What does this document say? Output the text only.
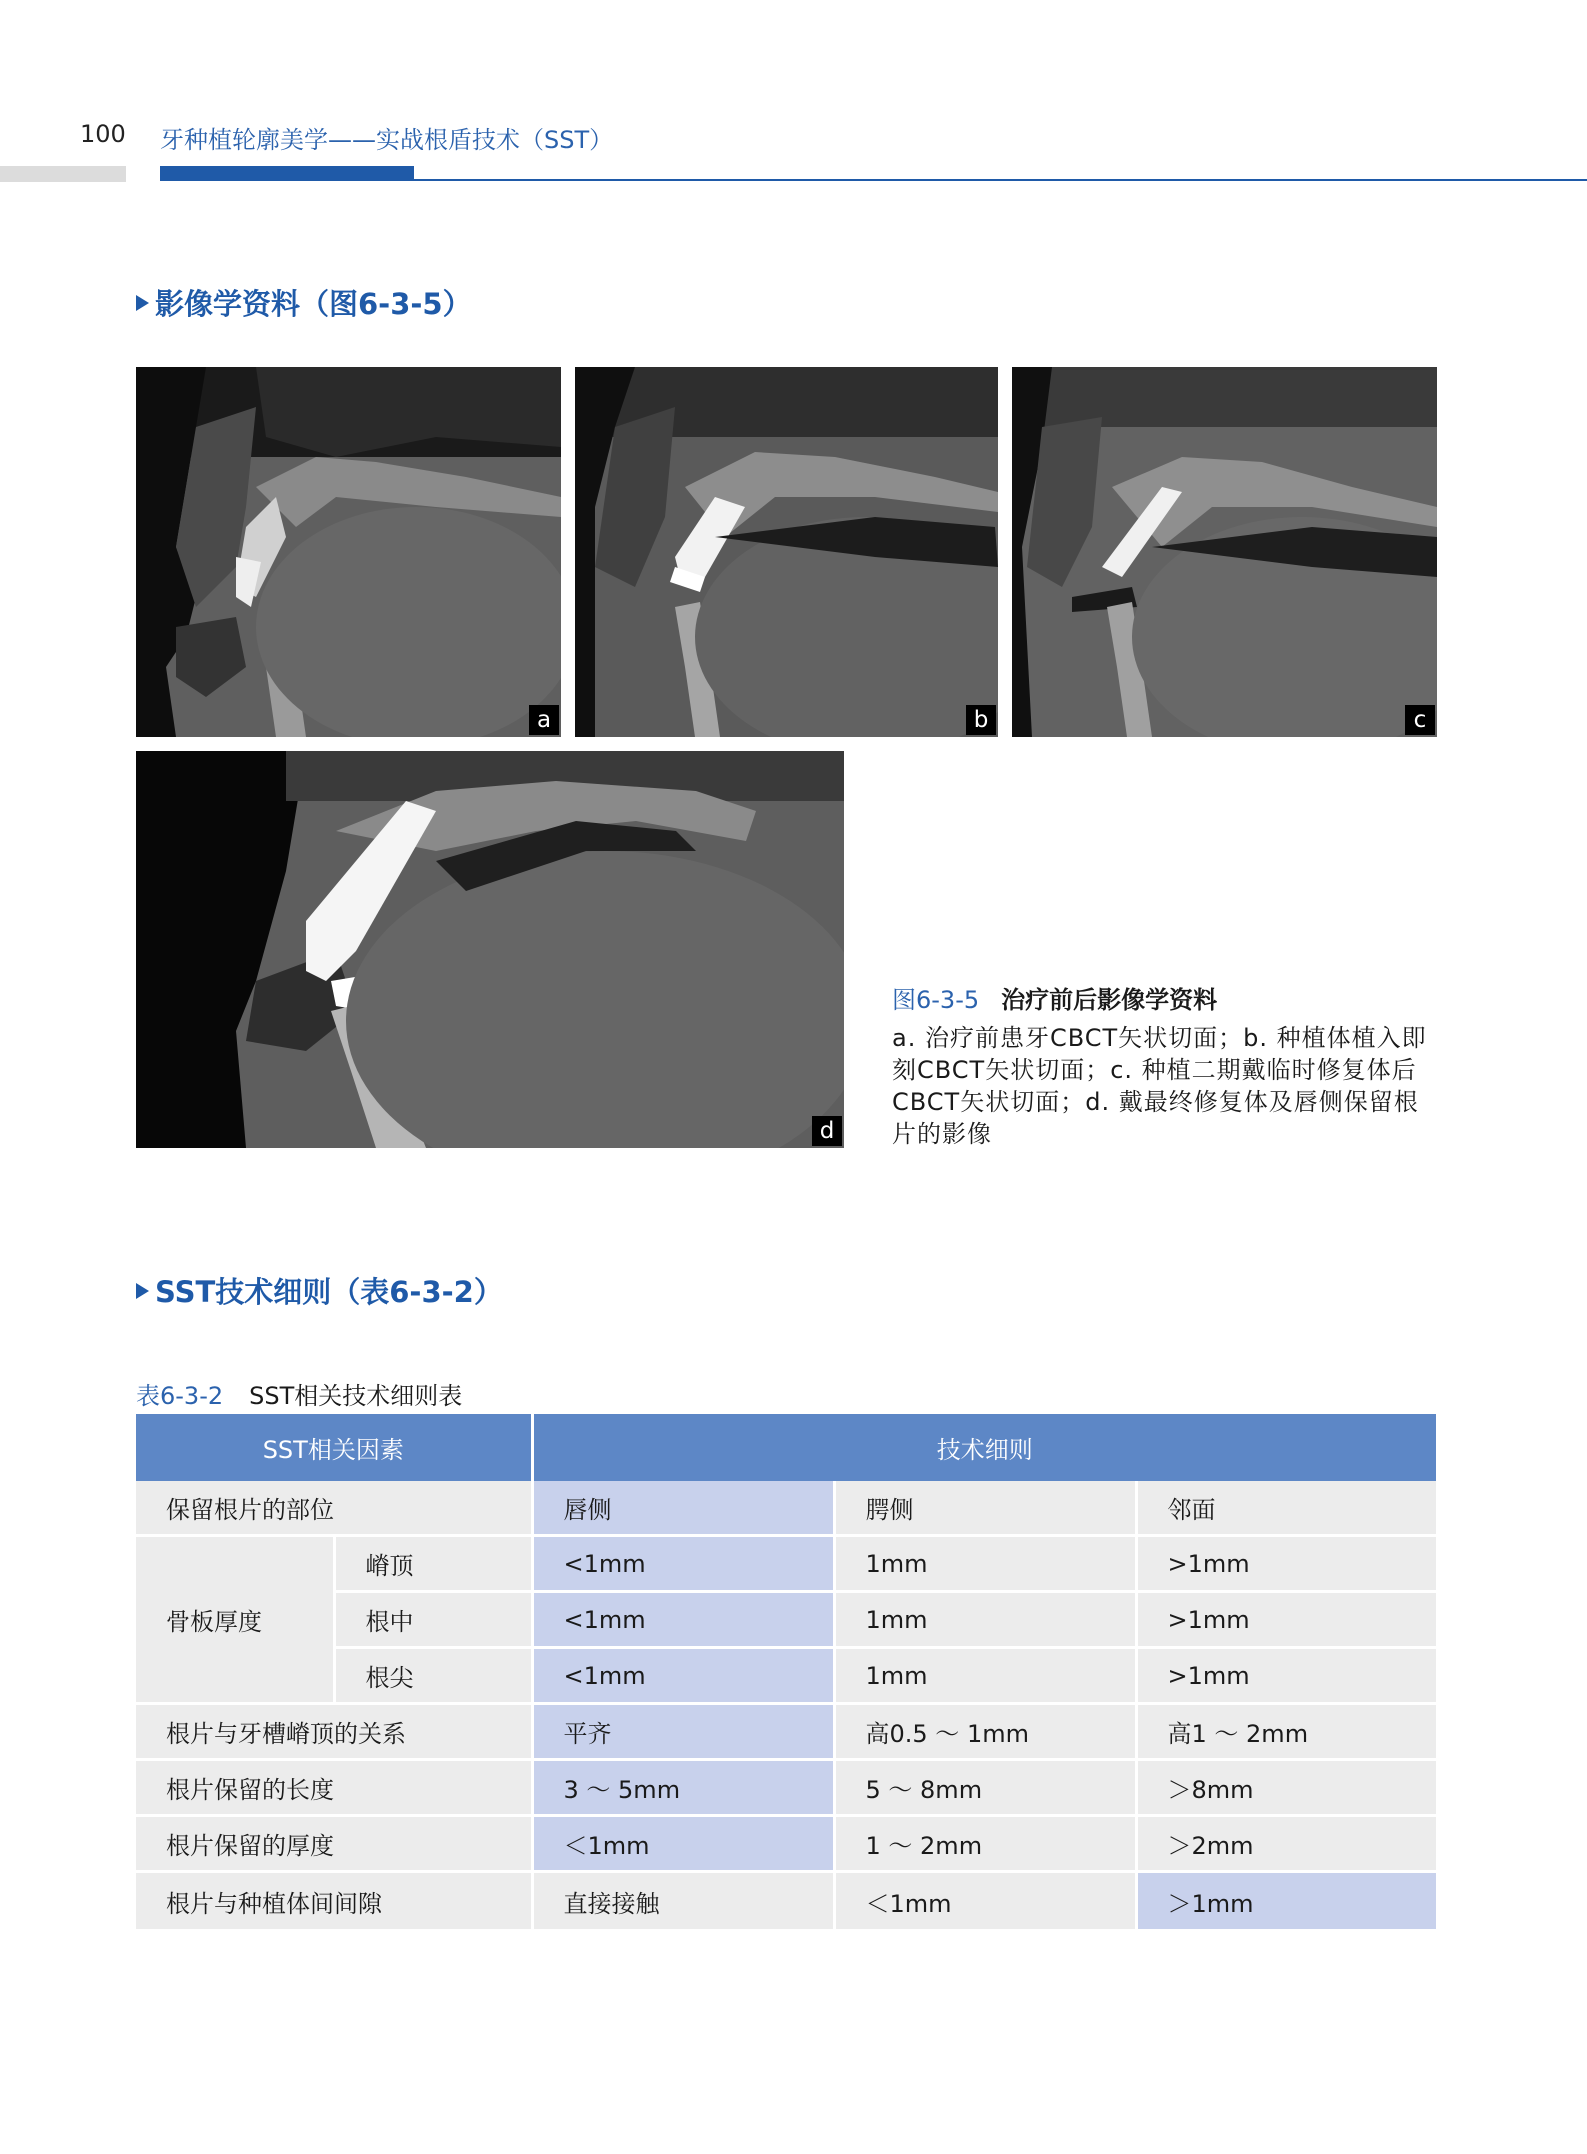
100 牙种植轮廓美学——实战根盾技术（SST）
影像学资料（图6-3-5）
a	b	c
d
图6-3-5 治疗前后影像学资料
a. 治疗前患牙CBCT矢状切面；b. 种植体植入即刻CBCT矢状切面；c. 种植二期戴临时修复体后CBCT矢状切面；d. 戴最终修复体及唇侧保留根片的影像
SST技术细则（表6-3-2）
表6-3-2 SST相关技术细则表
SST相关因素		技术细则		
保留根片的部位		唇侧	腭侧	邻面
骨板厚度	嵴顶	<1mm	1mm	>1mm
	根中	<1mm	1mm	>1mm
	根尖	<1mm	1mm	>1mm
根片与牙槽嵴顶的关系		平齐	高0.5 ～ 1mm	高1 ～ 2mm
根片保留的长度		3 ～ 5mm	5 ～ 8mm	＞8mm
根片保留的厚度		＜1mm	1 ～ 2mm	＞2mm
根片与种植体间间隙		直接接触	＜1mm	＞1mm
